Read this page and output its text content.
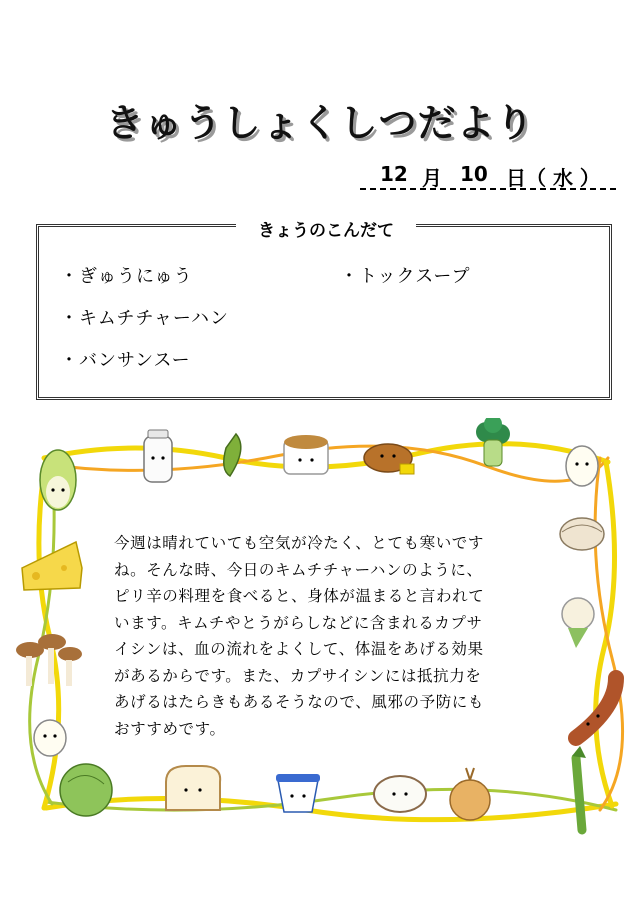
きゅうしょくしつだより
12 月 10 日 （ 水 ）
きょうのこんだて
・ぎゅうにゅう
・キムチチャーハン
・バンサンスー
・トックスープ
今週は晴れていても空気が冷たく、とても寒いです
ね。そんな時、今日のキムチチャーハンのように、
ピリ辛の料理を食べると、身体が温まると言われて
います。キムチやとうがらしなどに含まれるカプサ
イシンは、血の流れをよくして、体温をあげる効果
があるからです。また、カプサイシンには抵抗力を
あげるはたらきもあるそうなので、風邪の予防にも
おすすめです。
